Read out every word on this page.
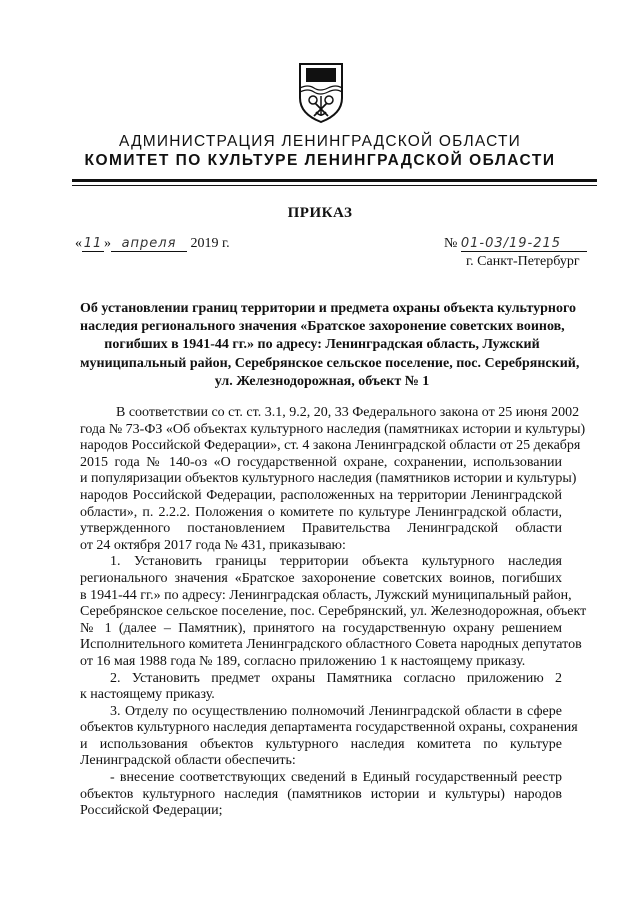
АДМИНИСТРАЦИЯ ЛЕНИНГРАДСКОЙ ОБЛАСТИ
КОМИТЕТ ПО КУЛЬТУРЕ ЛЕНИНГРАДСКОЙ ОБЛАСТИ
ПРИКАЗ
« 11 » апреля 2019 г.	№ 01-03/19-215
г. Санкт-Петербург
Об установлении границ территории и предмета охраны объекта культурного
наследия регионального значения «Братское захоронение советских воинов,
погибших в 1941-44 гг.» по адресу: Ленинградская область, Лужский
муниципальный район, Серебрянское сельское поселение, пос. Серебрянский,
ул. Железнодорожная, объект № 1
В соответствии со ст. ст. 3.1, 9.2, 20, 33 Федерального закона от 25 июня 2002
года № 73-ФЗ «Об объектах культурного наследия (памятниках истории и культуры)
народов Российской Федерации», ст. 4 закона Ленинградской области от 25 декабря
2015 года № 140-оз «О государственной охране, сохранении, использовании
и популяризации объектов культурного наследия (памятников истории и культуры)
народов Российской Федерации, расположенных на территории Ленинградской
области», п. 2.2.2. Положения о комитете по культуре Ленинградской области,
утвержденного постановлением Правительства Ленинградской области
от 24 октября 2017 года № 431, приказываю:
1. Установить границы территории объекта культурного наследия
регионального значения «Братское захоронение советских воинов, погибших
в 1941-44 гг.» по адресу: Ленинградская область, Лужский муниципальный район,
Серебрянское сельское поселение, пос. Серебрянский, ул. Железнодорожная, объект
№ 1 (далее – Памятник), принятого на государственную охрану решением
Исполнительного комитета Ленинградского областного Совета народных депутатов
от 16 мая 1988 года № 189, согласно приложению 1 к настоящему приказу.
2. Установить предмет охраны Памятника согласно приложению 2
к настоящему приказу.
3. Отделу по осуществлению полномочий Ленинградской области в сфере
объектов культурного наследия департамента государственной охраны, сохранения
и использования объектов культурного наследия комитета по культуре
Ленинградской области обеспечить:
- внесение соответствующих сведений в Единый государственный реестр
объектов культурного наследия (памятников истории и культуры) народов
Российской Федерации;
